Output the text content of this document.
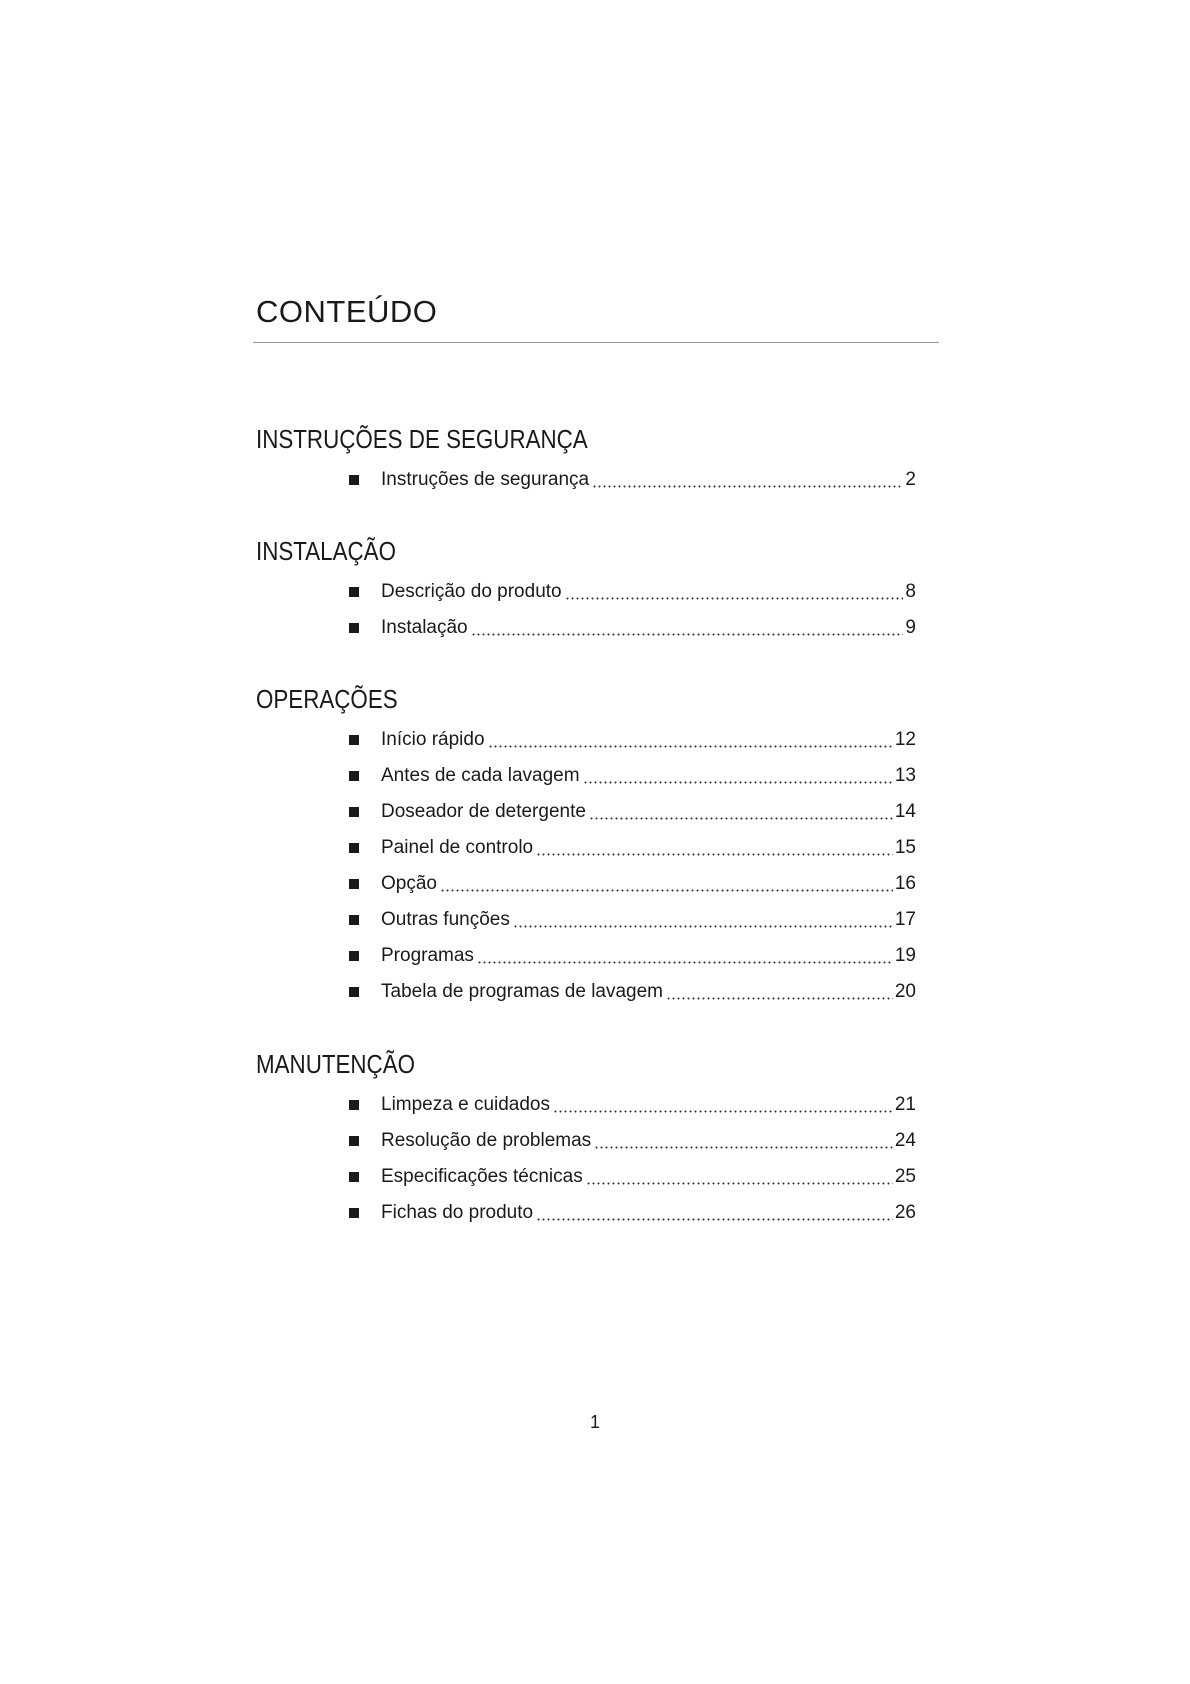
CONTEÚDO
INSTRUÇÕES DE SEGURANÇA
Instruções de segurança	2
INSTALAÇÃO
Descrição do produto	8
Instalação	9
OPERAÇÕES
Início rápido	12
Antes de cada lavagem	13
Doseador de detergente	14
Painel de controlo	15
Opção	16
Outras funções	17
Programas	19
Tabela de programas de lavagem	20
MANUTENÇÃO
Limpeza e cuidados	21
Resolução de problemas	24
Especificações técnicas	25
Fichas do produto	26
1
